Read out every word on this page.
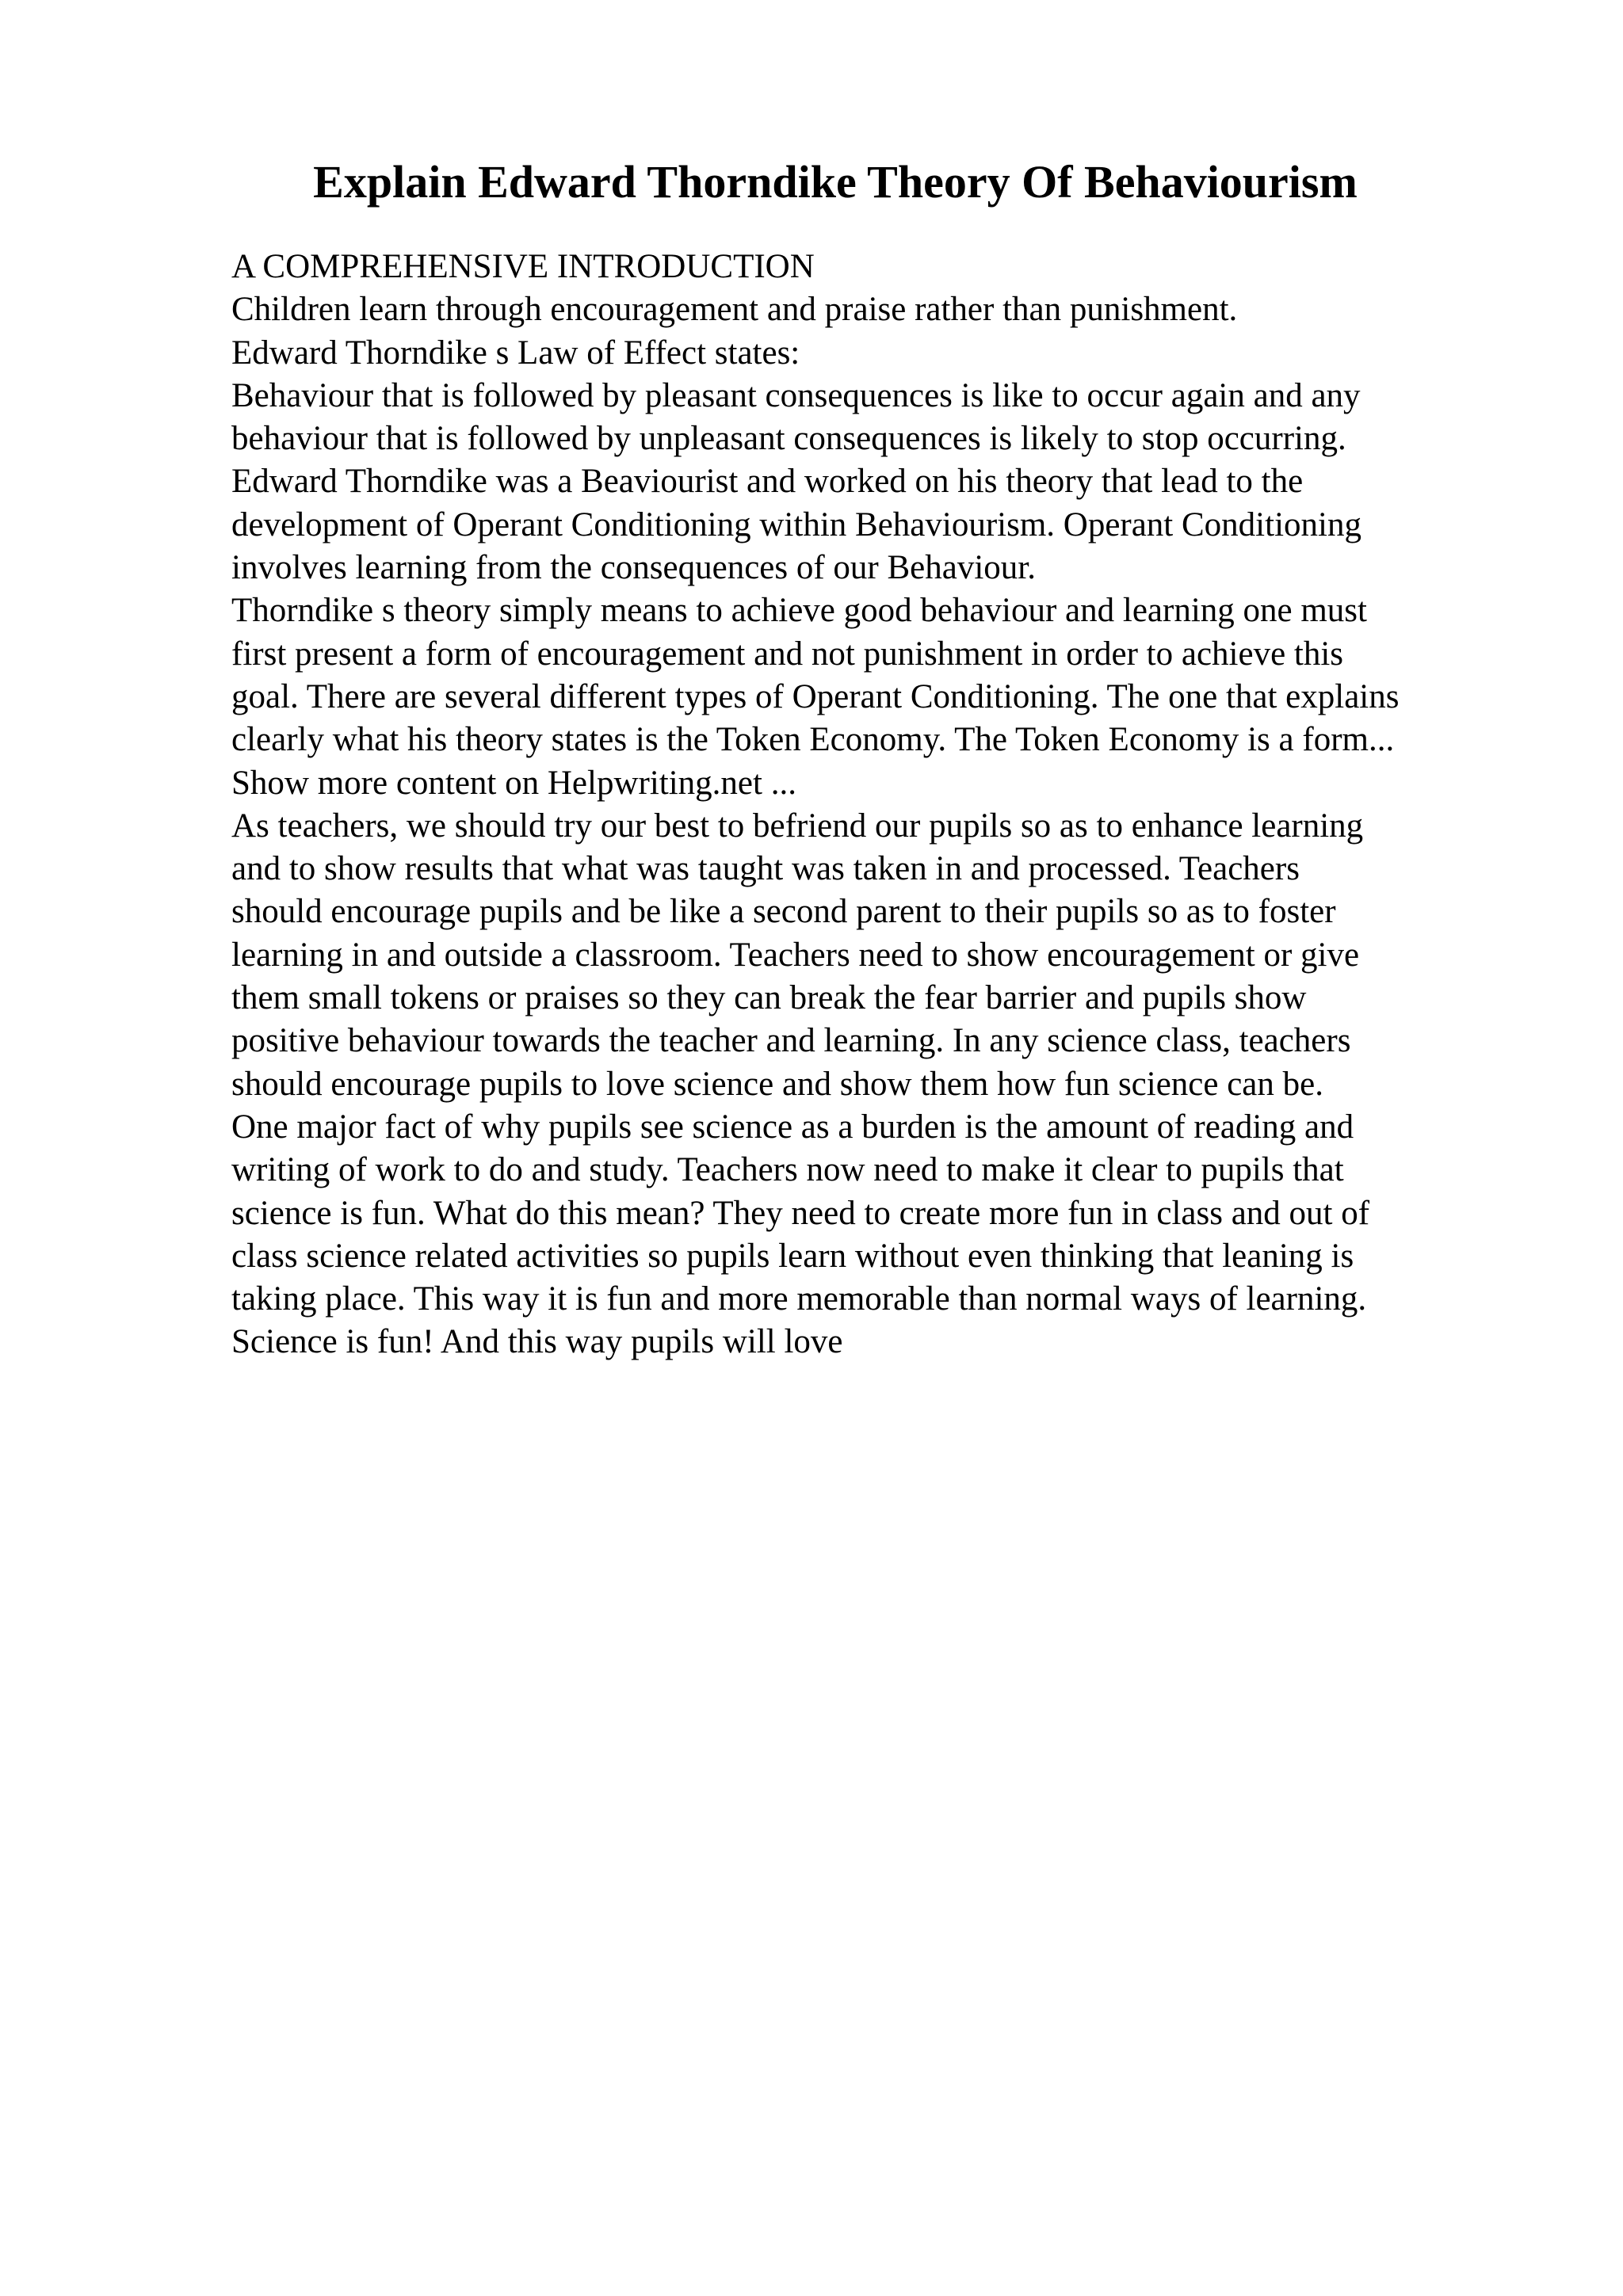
Explain Edward Thorndike Theory Of Behaviourism
A COMPREHENSIVE INTRODUCTION
Children learn through encouragement and praise rather than punishment.
Edward Thorndike s Law of Effect states:
Behaviour that is followed by pleasant consequences is like to occur again and any
behaviour that is followed by unpleasant consequences is likely to stop occurring.
Edward Thorndike was a Beaviourist and worked on his theory that lead to the
development of Operant Conditioning within Behaviourism. Operant Conditioning
involves learning from the consequences of our Behaviour.
Thorndike s theory simply means to achieve good behaviour and learning one must
first present a form of encouragement and not punishment in order to achieve this
goal. There are several different types of Operant Conditioning. The one that explains
clearly what his theory states is the Token Economy. The Token Economy is a form...
Show more content on Helpwriting.net ...
As teachers, we should try our best to befriend our pupils so as to enhance learning
and to show results that what was taught was taken in and processed. Teachers
should encourage pupils and be like a second parent to their pupils so as to foster
learning in and outside a classroom. Teachers need to show encouragement or give
them small tokens or praises so they can break the fear barrier and pupils show
positive behaviour towards the teacher and learning. In any science class, teachers
should encourage pupils to love science and show them how fun science can be.
One major fact of why pupils see science as a burden is the amount of reading and
writing of work to do and study. Teachers now need to make it clear to pupils that
science is fun. What do this mean? They need to create more fun in class and out of
class science related activities so pupils learn without even thinking that leaning is
taking place. This way it is fun and more memorable than normal ways of learning.
Science is fun! And this way pupils will love
